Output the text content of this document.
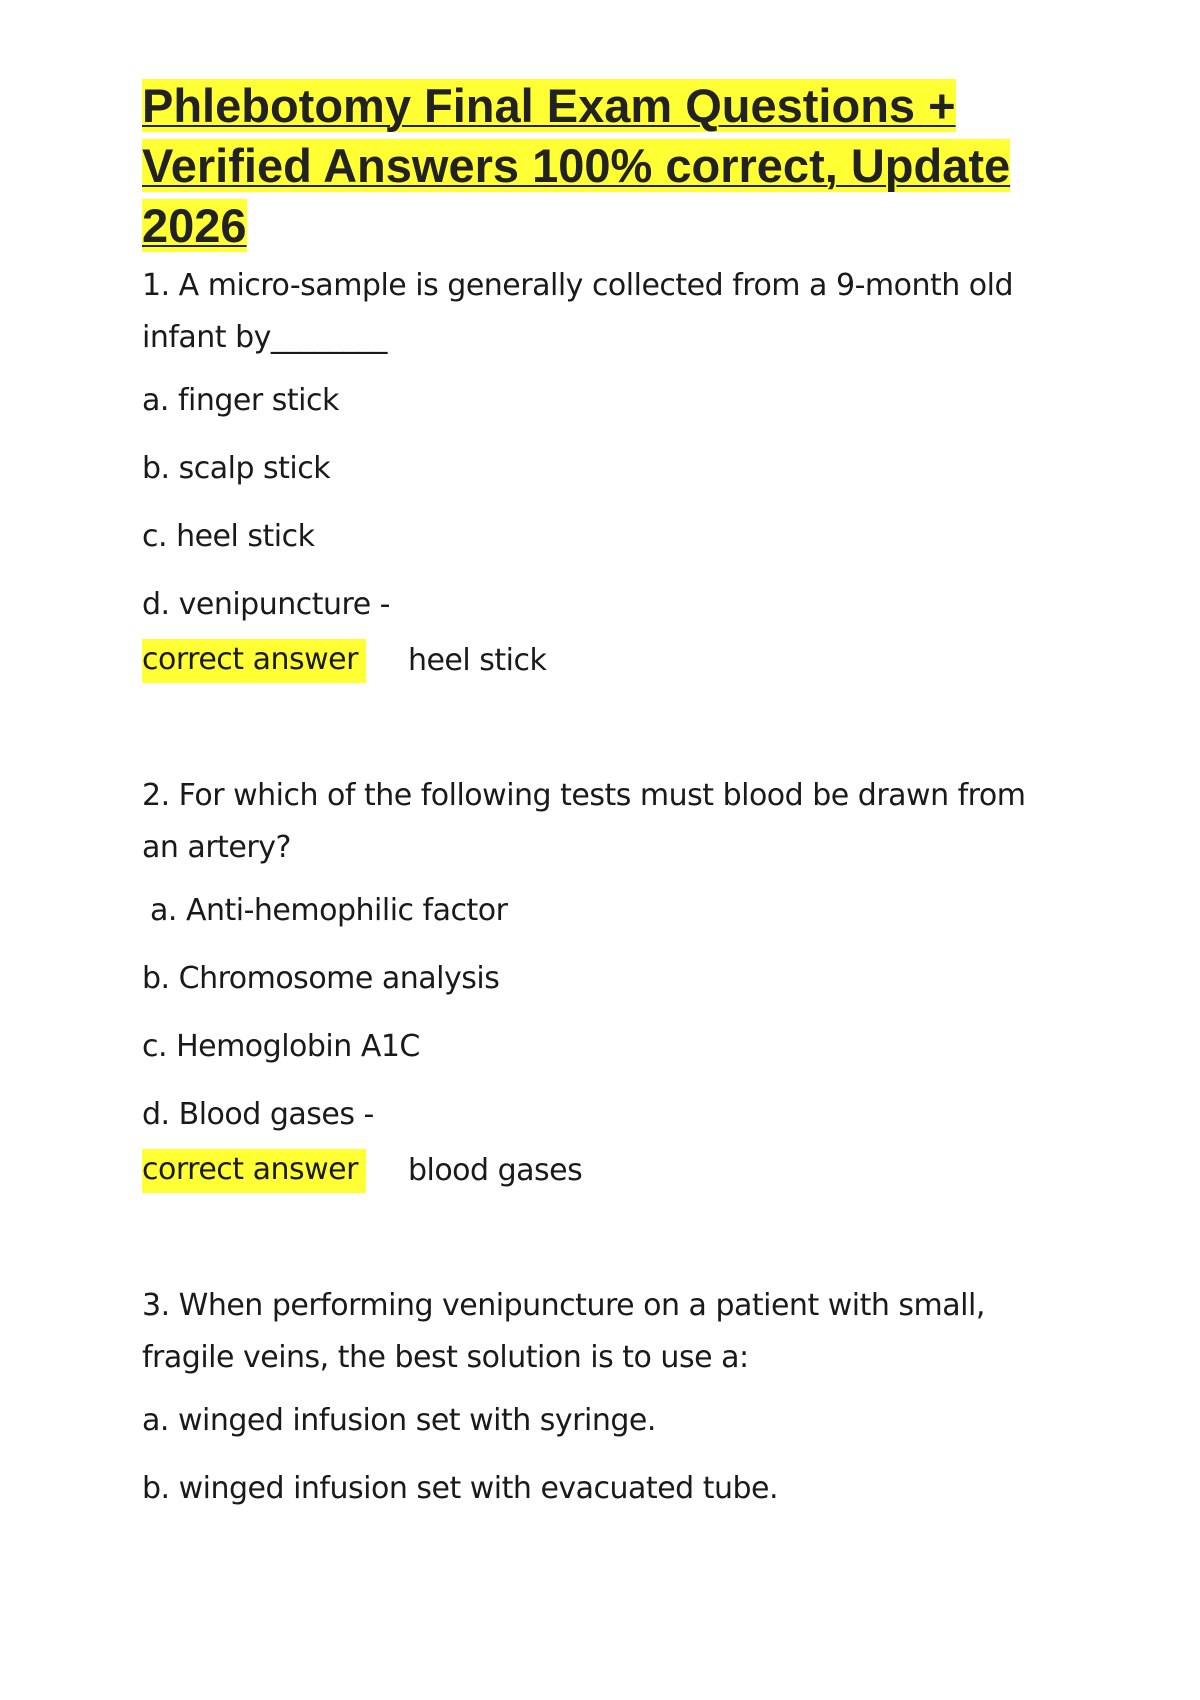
Phlebotomy Final Exam Questions + Verified Answers 100% correct, Update 2026

1. A micro-sample is generally collected from a 9-month old infant by________

a. finger stick

b. scalp stick

c. heel stick

d. venipuncture -

correct answer heel stick

2. For which of the following tests must blood be drawn from an artery?

a. Anti-hemophilic factor

b. Chromosome analysis

c. Hemoglobin A1C

d. Blood gases -

correct answer blood gases

3. When performing venipuncture on a patient with small, fragile veins, the best solution is to use a:

a. winged infusion set with syringe.

b. winged infusion set with evacuated tube.
